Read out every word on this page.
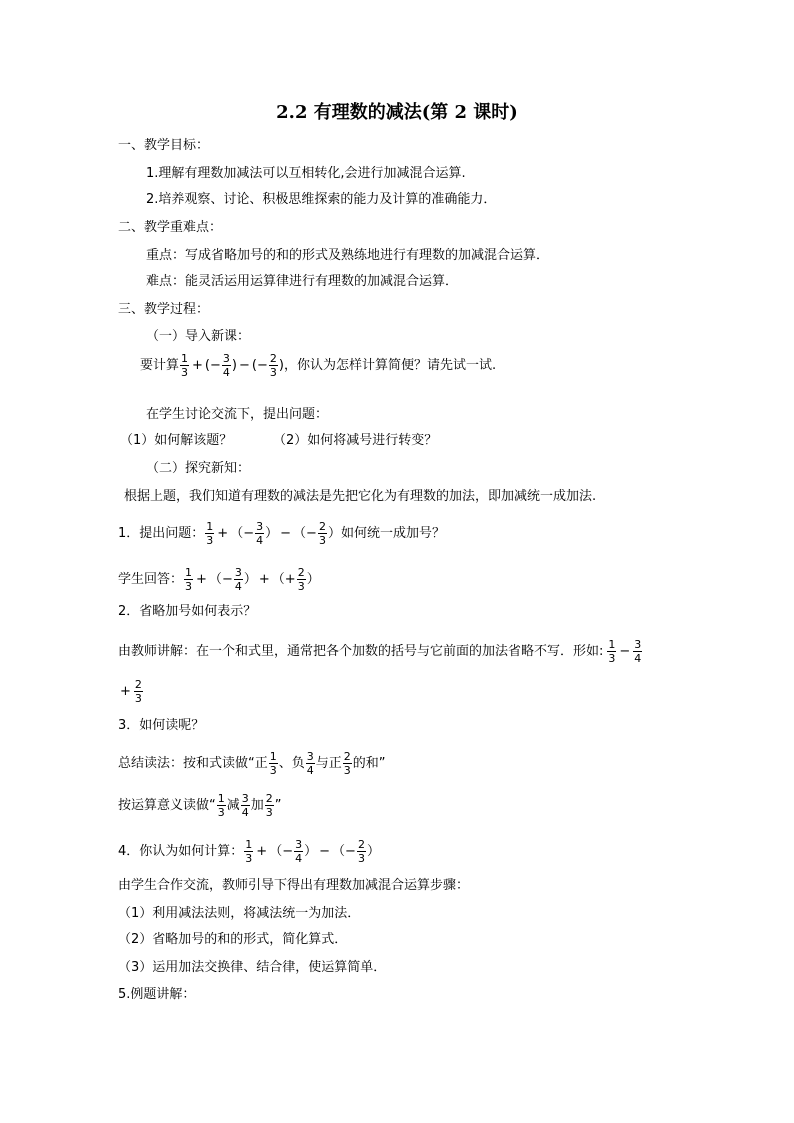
2.2 有理数的减法(第 2 课时)
一、教学目标：
1.理解有理数加减法可以互相转化,会进行加减混合运算.
2.培养观察、讨论、积极思维探索的能力及计算的准确能力．
二、教学重难点：
重点：写成省略加号的和的形式及熟练地进行有理数的加减混合运算．
难点：能灵活运用运算律进行有理数的加减混合运算．
三、教学过程：
（一）导入新课：
要计算 $\frac{1}{3}$ + ( − $\frac{3}{4}$ ) − ( − $\frac{2}{3}$ ) ，你认为怎样计算简便？请先试一试.
在学生讨论交流下，提出问题：
（1）如何解该题？	（2）如何将减号进行转变？
（二）探究新知：
根据上题，我们知道有理数的减法是先把它化为有理数的加法，即加减统一成加法.
1．提出问题： $\frac{1}{3}$ + （ − $\frac{3}{4}$ ） − （ − $\frac{2}{3}$ ） 如何统一成加号？
学生回答： $\frac{1}{3}$ + （ − $\frac{3}{4}$ ） + （ + $\frac{2}{3}$ ）
2．省略加号如何表示？
由教师讲解：在一个和式里，通常把各个加数的括号与它前面的加法省略不写．形如: $\frac{1}{3} - \frac{3}{4}$
+ $\frac{2}{3}$
3．如何读呢？
总结读法：按和式读做“正 $\frac{1}{3}$ 、负 $\frac{3}{4}$ 与正 $\frac{2}{3}$ 的和”
按运算意义读做“ $\frac{1}{3}$ 减 $\frac{3}{4}$ 加 $\frac{2}{3}$ ”
4．你认为如何计算： $\frac{1}{3}$ + （ − $\frac{3}{4}$ ） − （ − $\frac{2}{3}$ ）
由学生合作交流，教师引导下得出有理数加减混合运算步骤：
（1）利用减法法则，将减法统一为加法．
（2）省略加号的和的形式，简化算式．
（3）运用加法交换律、结合律，使运算简单．
5.例题讲解：
